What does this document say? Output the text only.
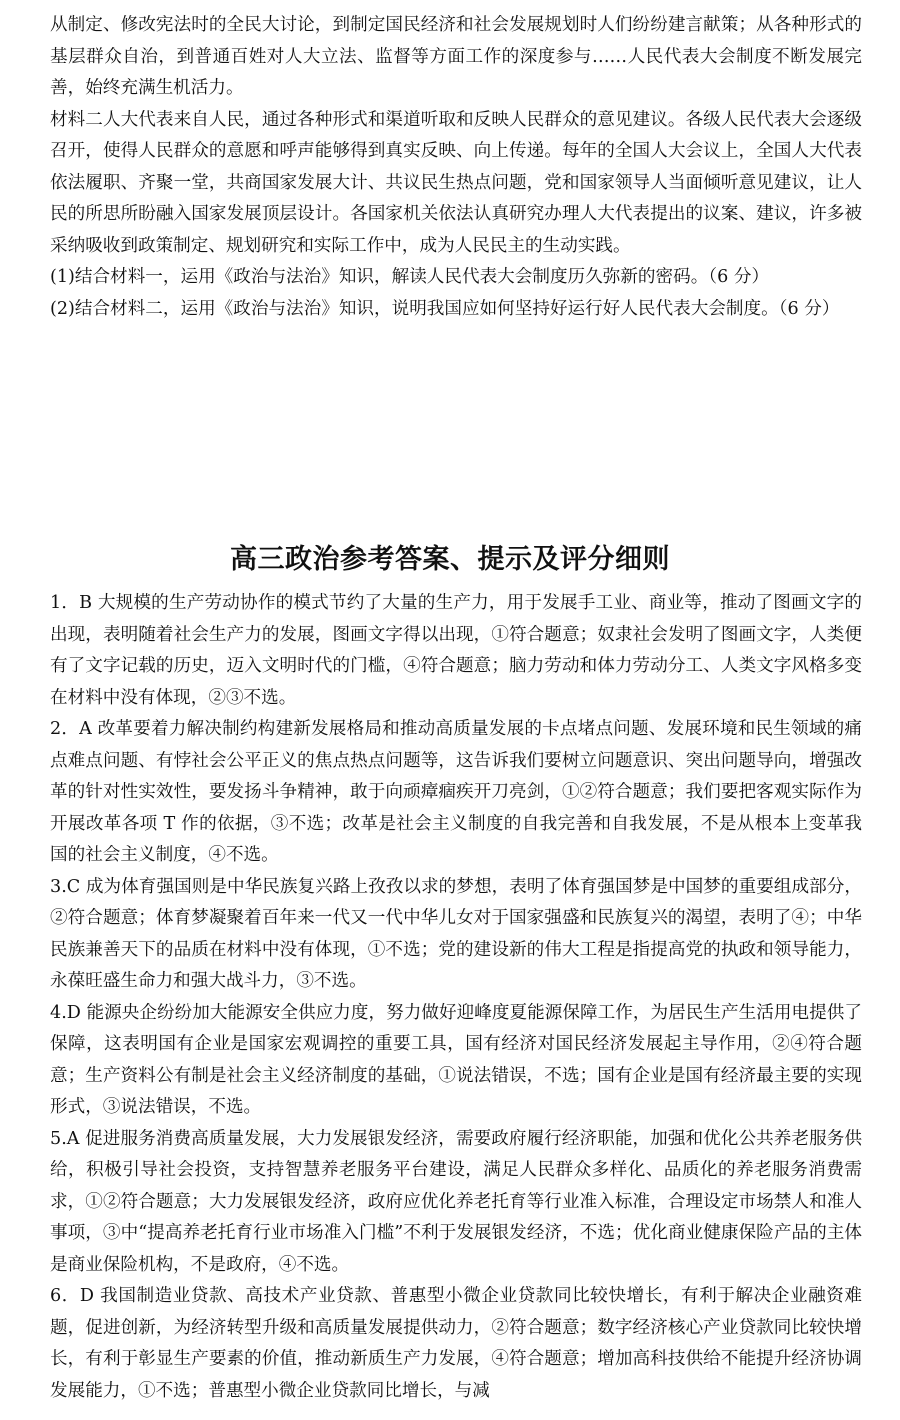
从制定、修改宪法时的全民大讨论，到制定国民经济和社会发展规划时人们纷纷建言献策；从各种形式的基层群众自治，到普通百姓对人大立法、监督等方面工作的深度参与……人民代表大会制度不断发展完善，始终充满生机活力。

材料二人大代表来自人民，通过各种形式和渠道听取和反映人民群众的意见建议。各级人民代表大会逐级召开，使得人民群众的意愿和呼声能够得到真实反映、向上传递。每年的全国人大会议上，全国人大代表依法履职、齐聚一堂，共商国家发展大计、共议民生热点问题，党和国家领导人当面倾听意见建议，让人民的所思所盼融入国家发展顶层设计。各国家机关依法认真研究办理人大代表提出的议案、建议，许多被采纳吸收到政策制定、规划研究和实际工作中，成为人民民主的生动实践。

(1)结合材料一，运用《政治与法治》知识，解读人民代表大会制度历久弥新的密码。（6 分）

(2)结合材料二，运用《政治与法治》知识，说明我国应如何坚持好运行好人民代表大会制度。（6 分）

高三政治参考答案、提示及评分细则

1．B 大规模的生产劳动协作的模式节约了大量的生产力，用于发展手工业、商业等，推动了图画文字的出现，表明随着社会生产力的发展，图画文字得以出现，①符合题意；奴隶社会发明了图画文字，人类便有了文字记载的历史，迈入文明时代的门槛，④符合题意；脑力劳动和体力劳动分工、人类文字风格多变在材料中没有体现，②③不选。

2．A 改革要着力解决制约构建新发展格局和推动高质量发展的卡点堵点问题、发展环境和民生领域的痛点难点问题、有悖社会公平正义的焦点热点问题等，这告诉我们要树立问题意识、突出问题导向，增强改革的针对性实效性，要发扬斗争精神，敢于向顽瘴痼疾开刀亮剑，①②符合题意；我们要把客观实际作为开展改革各项 T 作的依据，③不选；改革是社会主义制度的自我完善和自我发展，不是从根本上变革我国的社会主义制度，④不选。

3.C 成为体育强国则是中华民族复兴路上孜孜以求的梦想，表明了体育强国梦是中国梦的重要组成部分，②符合题意；体育梦凝聚着百年来一代又一代中华儿女对于国家强盛和民族复兴的渴望，表明了④；中华民族兼善天下的品质在材料中没有体现，①不选；党的建设新的伟大工程是指提高党的执政和领导能力，永葆旺盛生命力和强大战斗力，③不选。

4.D 能源央企纷纷加大能源安全供应力度，努力做好迎峰度夏能源保障工作，为居民生产生活用电提供了保障，这表明国有企业是国家宏观调控的重要工具，国有经济对国民经济发展起主导作用，②④符合题意；生产资料公有制是社会主义经济制度的基础，①说法错误，不选；国有企业是国有经济最主要的实现形式，③说法错误，不选。

5.A 促进服务消费高质量发展，大力发展银发经济，需要政府履行经济职能，加强和优化公共养老服务供给，积极引导社会投资，支持智慧养老服务平台建设，满足人民群众多样化、品质化的养老服务消费需求，①②符合题意；大力发展银发经济，政府应优化养老托育等行业准入标准，合理设定市场禁人和准人事项，③中“提高养老托育行业市场准入门槛”不利于发展银发经济，不选；优化商业健康保险产品的主体是商业保险机构，不是政府，④不选。

6．D 我国制造业贷款、高技术产业贷款、普惠型小微企业贷款同比较快增长，有利于解决企业融资难题，促进创新，为经济转型升级和高质量发展提供动力，②符合题意；数字经济核心产业贷款同比较快增长，有利于彰显生产要素的价值，推动新质生产力发展，④符合题意；增加高科技供给不能提升经济协调发展能力，①不选；普惠型小微企业贷款同比增长，与减
